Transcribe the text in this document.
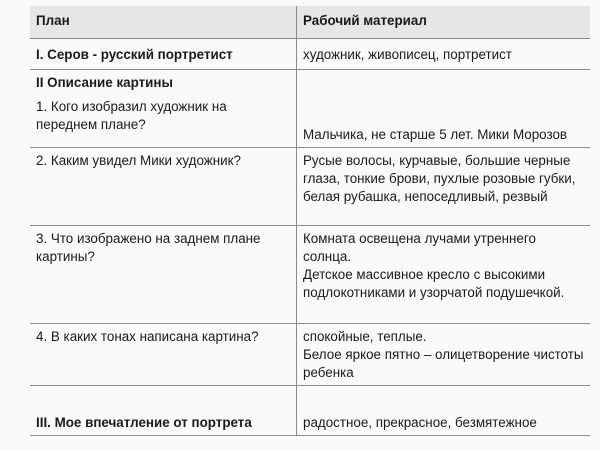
План	Рабочий материал
I. Серов - русский портретист	художник, живописец, портретист

II Описание картины
1. Кого изобразил художник на переднем плане?	Мальчика, не старше 5 лет. Мики Морозов
2. Каким увидел Мики художник?	Русые волосы, курчавые, большие черные глаза, тонкие брови, пухлые розовые губки, белая рубашка, непоседливый, резвый
3. Что изображено на заднем плане картины?	Комната освещена лучами утреннего солнца.
Детское массивное кресло с высокими подлокотниками и узорчатой подушечкой.

4. В каких тонах написана картина?	спокойные, теплые.
Белое яркое пятно – олицетворение чистоты ребенка

III. Мое впечатление от портрета	радостное, прекрасное, безмятежное
